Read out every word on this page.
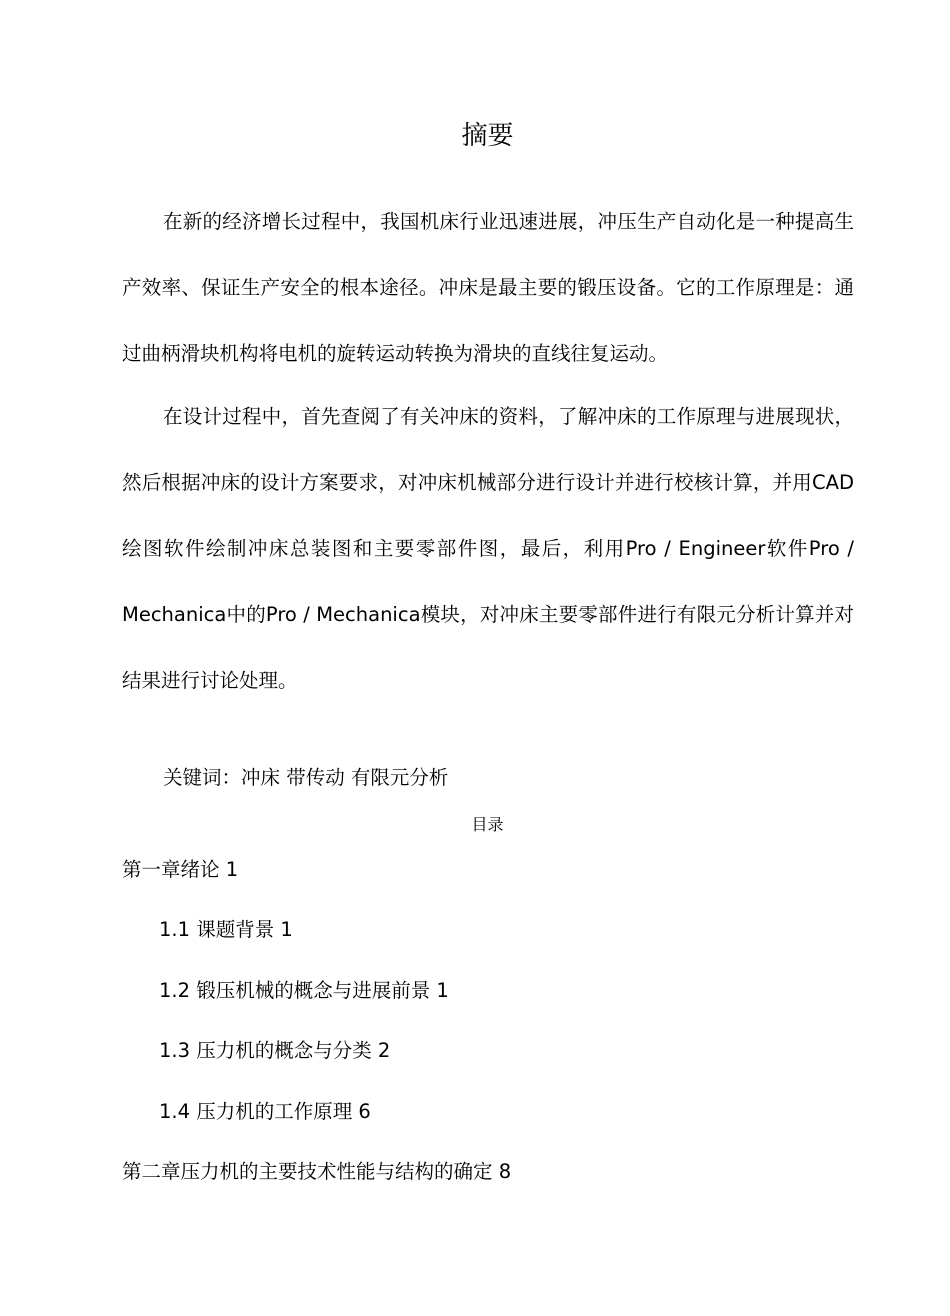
摘要

在新的经济增长过程中，我国机床行业迅速进展，冲压生产自动化是一种提高生产效率、保证生产安全的根本途径。冲床是最主要的锻压设备。它的工作原理是：通过曲柄滑块机构将电机的旋转运动转换为滑块的直线往复运动。

在设计过程中，首先查阅了有关冲床的资料，了解冲床的工作原理与进展现状，然后根据冲床的设计方案要求，对冲床机械部分进行设计并进行校核计算，并用CAD绘图软件绘制冲床总装图和主要零部件图，最后，利用Pro / Engineer软件Pro / Mechanica中的Pro / Mechanica模块，对冲床主要零部件进行有限元分析计算并对结果进行讨论处理。

关键词：冲床 带传动 有限元分析

目录
第一章绪论 1
1.1 课题背景 1
1.2 锻压机械的概念与进展前景 1
1.3 压力机的概念与分类 2
1.4 压力机的工作原理 6
第二章压力机的主要技术性能与结构的确定 8
